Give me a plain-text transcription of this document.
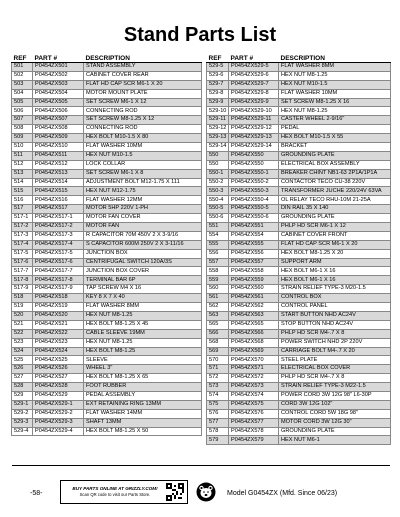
Stand Parts List
REF	PART #	DESCRIPTION
501	P0454ZX501	STAND ASSEMBLY
502	P0454ZX502	CABINET COVER REAR
503	P0454ZX503	FLAT HD CAP SCR M6-1 X 20
504	P0454ZX504	MOTOR MOUNT PLATE
505	P0454ZX505	SET SCREW M6-1 X 12
506	P0454ZX506	CONNECTING ROD
507	P0454ZX507	SET SCREW M8-1.25 X 12
508	P0454ZX508	CONNECTING ROD
509	P0454ZX509	HEX BOLT M10-1.5 X 80
510	P0454ZX510	FLAT WASHER 10MM
511	P0454ZX511	HEX NUT M10-1.5
512	P0454ZX512	LOCK COLLAR
513	P0454ZX513	SET SCREW M6-1 X 8
514	P0454ZX514	ADJUSTMENT BOLT M12-1.75 X 111
515	P0454ZX515	HEX NUT M12-1.75
516	P0454ZX516	FLAT WASHER 12MM
517	P0454ZX517	MOTOR 5HP 220V 1-PH
517-1	P0454ZX517-1	MOTOR FAN COVER
517-2	P0454ZX517-2	MOTOR FAN
517-3	P0454ZX517-3	R CAPACITOR 70M 450V 2 X 3-9/16
517-4	P0454ZX517-4	S CAPACITOR 600M 250V 2 X 3-11/16
517-5	P0454ZX517-5	JUNCTION BOX
517-6	P0454ZX517-6	CENTRIFUGAL SWITCH 120A/3S
517-7	P0454ZX517-7	JUNCTION BOX COVER
517-8	P0454ZX517-8	TERMINAL BAR 6P
517-9	P0454ZX517-9	TAP SCREW M4 X 16
518	P0454ZX518	KEY 8 X 7 X 40
519	P0454ZX519	FLAT WASHER 8MM
520	P0454ZX520	HEX NUT M8-1.25
521	P0454ZX521	HEX BOLT M8-1.25 X 45
522	P0454ZX522	CABLE SLEEVE 19MM
523	P0454ZX523	HEX NUT M8-1.25
524	P0454ZX524	HEX BOLT M8-1.25
525	P0454ZX525	SLEEVE
526	P0454ZX526	WHEEL 3"
527	P0454ZX527	HEX BOLT M8-1.25 X 65
528	P0454ZX528	FOOT RUBBER
529	P0454ZX529	PEDAL ASSEMBLY
529-1	P0454ZX529-1	EXT RETAINING RING 13MM
529-2	P0454ZX529-2	FLAT WASHER 14MM
529-3	P0454ZX529-3	SHAFT 13MM
529-4	P0454ZX529-4	HEX BOLT M8-1.25 X 50
REF	PART #	DESCRIPTION
529-5	P0454ZX529-5	FLAT WASHER 8MM
529-6	P0454ZX529-6	HEX NUT M8-1.25
529-7	P0454ZX529-7	HEX NUT M10-1.5
529-8	P0454ZX529-8	FLAT WASHER 10MM
529-9	P0454ZX529-9	SET SCREW M8-1.25 X 16
529-10	P0454ZX529-10	HEX NUT M8-1.25
529-11	P0454ZX529-11	CASTER WHEEL 2-9/16"
529-12	P0454ZX529-12	PEDAL
529-13	P0454ZX529-13	HEX BOLT M10-1.5 X 55
529-14	P0454ZX529-14	BRACKET
550	P0454ZX550	GROUNDING PLATE
550	P0454ZX550	ELECTRICAL BOX ASSEMBLY
550-1	P0454ZX550-1	BREAKER CHINT NB1-63 2P1A/1P1A
550-2	P0454ZX550-2	CONTACTOR TECO CU-38 220V
550-3	P0454ZX550-3	TRANSFORMER JUCHE 220/24V 63VA
550-4	P0454ZX550-4	OL RELAY TECO RHU-10M 21-25A
550-5	P0454ZX550-5	DIN RAIL 35 X 140
550-6	P0454ZX550-6	GROUNDING PLATE
551	P0454ZX551	PHLP HD SCR M6-1 X 12
554	P0454ZX554	CABINET COVER FRONT
555	P0454ZX555	FLAT HD CAP SCR M6-1 X 20
556	P0454ZX556	HEX BOLT M8-1.25 X 20
557	P0454ZX557	SUPPORT ARM
558	P0454ZX558	HEX BOLT M6-1 X 16
559	P0454ZX559	HEX BOLT M6-1 X 16
560	P0454ZX560	STRAIN RELIEF TYPE-3 M20-1.5
561	P0454ZX561	CONTROL BOX
562	P0454ZX562	CONTROL PANEL
563	P0454ZX563	START BUTTON NHD AC24V
565	P0454ZX565	STOP BUTTON NHD AC24V
566	P0454ZX566	PHLP HD SCR M4-.7 X 8
568	P0454ZX568	POWER SWITCH NHD 2P 220V
569	P0454ZX569	CARRIAGE BOLT M4-.7 X 20
570	P0454ZX570	STEEL PLATE
571	P0454ZX571	ELECTRICAL BOX COVER
572	P0454ZX572	PHLP HD SCR M4-.7 X 8
573	P0454ZX573	STRAIN RELIEF TYPE-3 M22-1.5
574	P0454ZX574	POWER CORD 3W 12G 98" L6-30P
575	P0454ZX575	CORD 3W 12G 102"
576	P0454ZX576	CONTROL CORD 5W 18G 98"
577	P0454ZX577	MOTOR CORD 3W 12G 30"
578	P0454ZX578	GROUNDING PLATE
579	P0454ZX579	HEX NUT M6-1
-58-
BUY PARTS ONLINE AT GRIZZLY.COM!
Scan QR code to visit our Parts Store.	Model G0454ZX (Mfd. Since 06/23)
